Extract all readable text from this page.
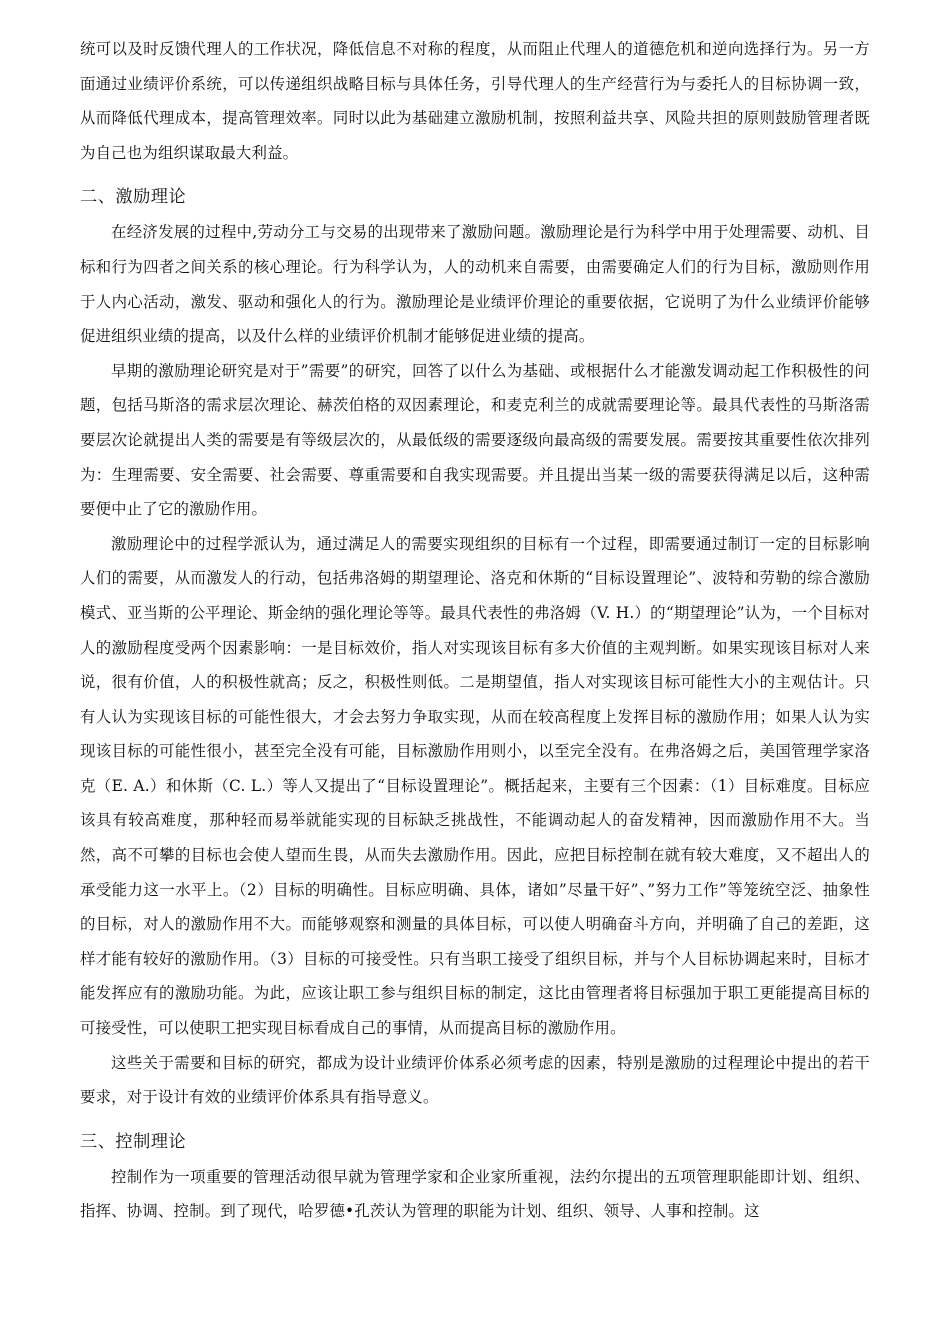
统可以及时反馈代理人的工作状况，降低信息不对称的程度，从而阻止代理人的道德危机和逆向选择行为。另一方面通过业绩评价系统，可以传递组织战略目标与具体任务，引导代理人的生产经营行为与委托人的目标协调一致，从而降低代理成本，提高管理效率。同时以此为基础建立激励机制，按照利益共享、风险共担的原则鼓励管理者既为自己也为组织谋取最大利益。

二、激励理论

在经济发展的过程中,劳动分工与交易的出现带来了激励问题。激励理论是行为科学中用于处理需要、动机、目标和行为四者之间关系的核心理论。行为科学认为，人的动机来自需要，由需要确定人们的行为目标，激励则作用于人内心活动，激发、驱动和强化人的行为。激励理论是业绩评价理论的重要依据，它说明了为什么业绩评价能够促进组织业绩的提高，以及什么样的业绩评价机制才能够促进业绩的提高。

早期的激励理论研究是对于”需要”的研究，回答了以什么为基础、或根据什么才能激发调动起工作积极性的问题，包括马斯洛的需求层次理论、赫茨伯格的双因素理论，和麦克利兰的成就需要理论等。最具代表性的马斯洛需要层次论就提出人类的需要是有等级层次的，从最低级的需要逐级向最高级的需要发展。需要按其重要性依次排列为：生理需要、安全需要、社会需要、尊重需要和自我实现需要。并且提出当某一级的需要获得满足以后，这种需要便中止了它的激励作用。

激励理论中的过程学派认为，通过满足人的需要实现组织的目标有一个过程，即需要通过制订一定的目标影响人们的需要，从而激发人的行动，包括弗洛姆的期望理论、洛克和休斯的“目标设置理论”、波特和劳勒的综合激励模式、亚当斯的公平理论、斯金纳的强化理论等等。最具代表性的弗洛姆（V. H.）的“期望理论”认为，一个目标对人的激励程度受两个因素影响：一是目标效价，指人对实现该目标有多大价值的主观判断。如果实现该目标对人来说，很有价值，人的积极性就高；反之，积极性则低。二是期望值，指人对实现该目标可能性大小的主观估计。只有人认为实现该目标的可能性很大，才会去努力争取实现，从而在较高程度上发挥目标的激励作用；如果人认为实现该目标的可能性很小，甚至完全没有可能，目标激励作用则小，以至完全没有。在弗洛姆之后，美国管理学家洛克（E. A.）和休斯（C. L.）等人又提出了“目标设置理论”。概括起来，主要有三个因素：（1）目标难度。目标应该具有较高难度，那种轻而易举就能实现的目标缺乏挑战性，不能调动起人的奋发精神，因而激励作用不大。当然，高不可攀的目标也会使人望而生畏，从而失去激励作用。因此，应把目标控制在就有较大难度，又不超出人的承受能力这一水平上。（2）目标的明确性。目标应明确、具体，诸如”尽量干好”、”努力工作”等笼统空泛、抽象性的目标，对人的激励作用不大。而能够观察和测量的具体目标，可以使人明确奋斗方向，并明确了自己的差距，这样才能有较好的激励作用。（3）目标的可接受性。只有当职工接受了组织目标，并与个人目标协调起来时，目标才能发挥应有的激励功能。为此，应该让职工参与组织目标的制定，这比由管理者将目标强加于职工更能提高目标的可接受性，可以使职工把实现目标看成自己的事情，从而提高目标的激励作用。

这些关于需要和目标的研究，都成为设计业绩评价体系必须考虑的因素，特别是激励的过程理论中提出的若干要求，对于设计有效的业绩评价体系具有指导意义。

三、控制理论

控制作为一项重要的管理活动很早就为管理学家和企业家所重视，法约尔提出的五项管理职能即计划、组织、指挥、协调、控制。到了现代，哈罗德•孔茨认为管理的职能为计划、组织、领导、人事和控制。这
